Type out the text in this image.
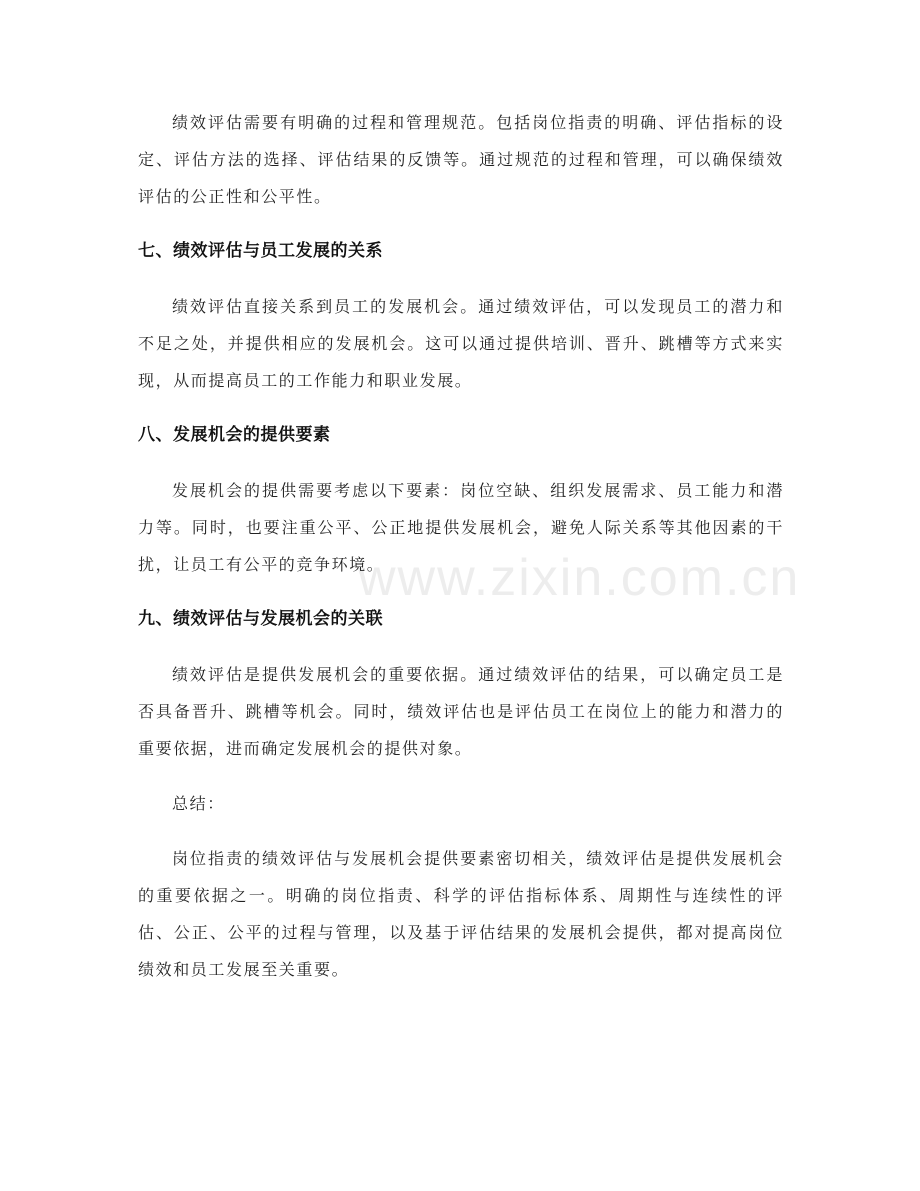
www.zixin.com.cn

绩效评估需要有明确的过程和管理规范。包括岗位指责的明确、评估指标的设定、评估方法的选择、评估结果的反馈等。通过规范的过程和管理，可以确保绩效评估的公正性和公平性。

七、绩效评估与员工发展的关系

绩效评估直接关系到员工的发展机会。通过绩效评估，可以发现员工的潜力和不足之处，并提供相应的发展机会。这可以通过提供培训、晋升、跳槽等方式来实现，从而提高员工的工作能力和职业发展。

八、发展机会的提供要素

发展机会的提供需要考虑以下要素：岗位空缺、组织发展需求、员工能力和潜力等。同时，也要注重公平、公正地提供发展机会，避免人际关系等其他因素的干扰，让员工有公平的竞争环境。

九、绩效评估与发展机会的关联

绩效评估是提供发展机会的重要依据。通过绩效评估的结果，可以确定员工是否具备晋升、跳槽等机会。同时，绩效评估也是评估员工在岗位上的能力和潜力的重要依据，进而确定发展机会的提供对象。

总结：

岗位指责的绩效评估与发展机会提供要素密切相关，绩效评估是提供发展机会的重要依据之一。明确的岗位指责、科学的评估指标体系、周期性与连续性的评估、公正、公平的过程与管理，以及基于评估结果的发展机会提供，都对提高岗位绩效和员工发展至关重要。
